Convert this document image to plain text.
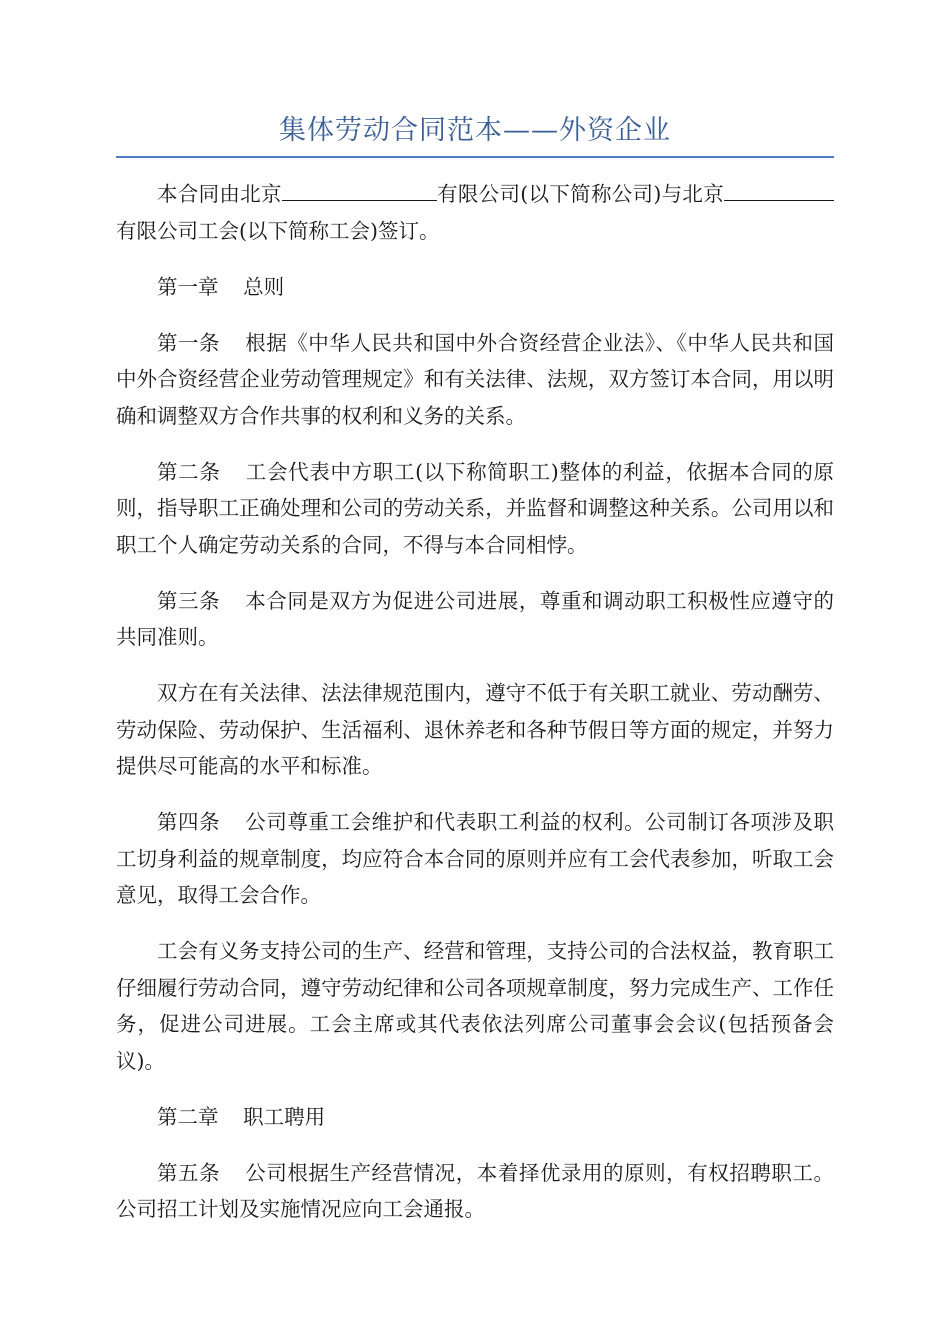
集体劳动合同范本——外资企业

本合同由北京	有限公司(以下简称公司)与北京有限公司工会(以下简称工会)签订。

第一章 总则

第一条 根据《中华人民共和国中外合资经营企业法》、《中华人民共和国中外合资经营企业劳动管理规定》和有关法律、法规，双方签订本合同，用以明确和调整双方合作共事的权利和义务的关系。

第二条 工会代表中方职工(以下称简职工)整体的利益，依据本合同的原则，指导职工正确处理和公司的劳动关系，并监督和调整这种关系。公司用以和职工个人确定劳动关系的合同，不得与本合同相悖。

第三条 本合同是双方为促进公司进展，尊重和调动职工积极性应遵守的共同准则。

双方在有关法律、法法律规范围内，遵守不低于有关职工就业、劳动酬劳、劳动保险、劳动保护、生活福利、退休养老和各种节假日等方面的规定，并努力提供尽可能高的水平和标准。

第四条 公司尊重工会维护和代表职工利益的权利。公司制订各项涉及职工切身利益的规章制度，均应符合本合同的原则并应有工会代表参加，听取工会意见，取得工会合作。

工会有义务支持公司的生产、经营和管理，支持公司的合法权益，教育职工仔细履行劳动合同，遵守劳动纪律和公司各项规章制度，努力完成生产、工作任务，促进公司进展。工会主席或其代表依法列席公司董事会会议(包括预备会议)。

第二章 职工聘用

第五条 公司根据生产经营情况，本着择优录用的原则，有权招聘职工。公司招工计划及实施情况应向工会通报。
